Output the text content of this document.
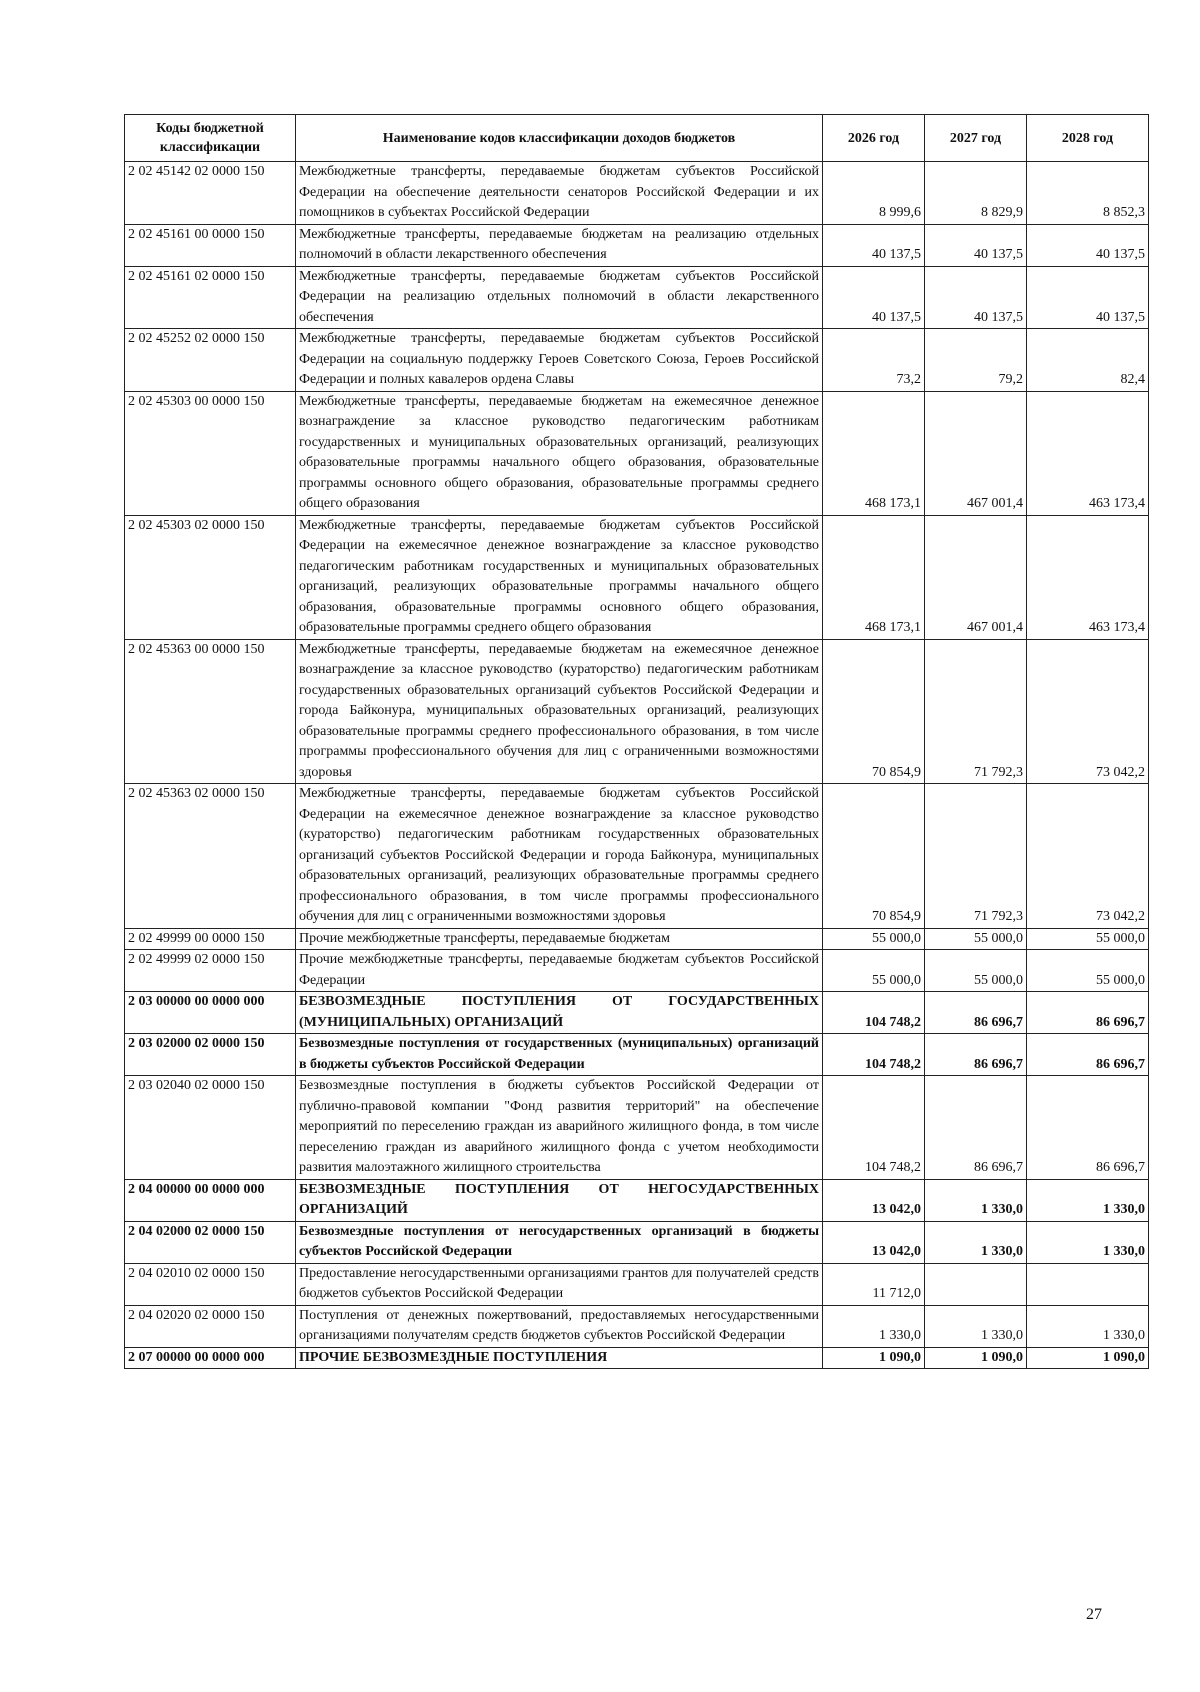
Коды бюджетной классификации	Наименование кодов классификации доходов бюджетов	2026 год	2027 год	2028 год
2 02 45142 02 0000 150	Межбюджетные трансферты, передаваемые бюджетам субъектов Российской Федерации на обеспечение деятельности сенаторов Российской Федерации и их помощников в субъектах Российской Федерации	8 999,6	8 829,9	8 852,3
2 02 45161 00 0000 150	Межбюджетные трансферты, передаваемые бюджетам на реализацию отдельных полномочий в области лекарственного обеспечения	40 137,5	40 137,5	40 137,5
2 02 45161 02 0000 150	Межбюджетные трансферты, передаваемые бюджетам субъектов Российской Федерации на реализацию отдельных полномочий в области лекарственного обеспечения	40 137,5	40 137,5	40 137,5
2 02 45252 02 0000 150	Межбюджетные трансферты, передаваемые бюджетам субъектов Российской Федерации на социальную поддержку Героев Советского Союза, Героев Российской Федерации и полных кавалеров ордена Славы	73,2	79,2	82,4
2 02 45303 00 0000 150	Межбюджетные трансферты, передаваемые бюджетам на ежемесячное денежное вознаграждение за классное руководство педагогическим работникам государственных и муниципальных образовательных организаций, реализующих образовательные программы начального общего образования, образовательные программы основного общего образования, образовательные программы среднего общего образования	468 173,1	467 001,4	463 173,4
2 02 45303 02 0000 150	Межбюджетные трансферты, передаваемые бюджетам субъектов Российской Федерации на ежемесячное денежное вознаграждение за классное руководство педагогическим работникам государственных и муниципальных образовательных организаций, реализующих образовательные программы начального общего образования, образовательные программы основного общего образования, образовательные программы среднего общего образования	468 173,1	467 001,4	463 173,4
2 02 45363 00 0000 150	Межбюджетные трансферты, передаваемые бюджетам на ежемесячное денежное вознаграждение за классное руководство (кураторство) педагогическим работникам государственных образовательных организаций субъектов Российской Федерации и города Байконура, муниципальных образовательных организаций, реализующих образовательные программы среднего профессионального образования, в том числе программы профессионального обучения для лиц с ограниченными возможностями здоровья	70 854,9	71 792,3	73 042,2
2 02 45363 02 0000 150	Межбюджетные трансферты, передаваемые бюджетам субъектов Российской Федерации на ежемесячное денежное вознаграждение за классное руководство (кураторство) педагогическим работникам государственных образовательных организаций субъектов Российской Федерации и города Байконура, муниципальных образовательных организаций, реализующих образовательные программы среднего профессионального образования, в том числе программы профессионального обучения для лиц с ограниченными возможностями здоровья	70 854,9	71 792,3	73 042,2
2 02 49999 00 0000 150	Прочие межбюджетные трансферты, передаваемые бюджетам	55 000,0	55 000,0	55 000,0
2 02 49999 02 0000 150	Прочие межбюджетные трансферты, передаваемые бюджетам субъектов Российской Федерации	55 000,0	55 000,0	55 000,0
2 03 00000 00 0000 000	БЕЗВОЗМЕЗДНЫЕ ПОСТУПЛЕНИЯ ОТ ГОСУДАРСТВЕННЫХ (МУНИЦИПАЛЬНЫХ) ОРГАНИЗАЦИЙ	104 748,2	86 696,7	86 696,7
2 03 02000 02 0000 150	Безвозмездные поступления от государственных (муниципальных) организаций в бюджеты субъектов Российской Федерации	104 748,2	86 696,7	86 696,7
2 03 02040 02 0000 150	Безвозмездные поступления в бюджеты субъектов Российской Федерации от публично-правовой компании "Фонд развития территорий" на обеспечение мероприятий по переселению граждан из аварийного жилищного фонда, в том числе переселению граждан из аварийного жилищного фонда с учетом необходимости развития малоэтажного жилищного строительства	104 748,2	86 696,7	86 696,7
2 04 00000 00 0000 000	БЕЗВОЗМЕЗДНЫЕ ПОСТУПЛЕНИЯ ОТ НЕГОСУДАРСТВЕННЫХ ОРГАНИЗАЦИЙ	13 042,0	1 330,0	1 330,0
2 04 02000 02 0000 150	Безвозмездные поступления от негосударственных организаций в бюджеты субъектов Российской Федерации	13 042,0	1 330,0	1 330,0
2 04 02010 02 0000 150	Предоставление негосударственными организациями грантов для получателей средств бюджетов субъектов Российской Федерации	11 712,0		
2 04 02020 02 0000 150	Поступления от денежных пожертвований, предоставляемых негосударственными организациями получателям средств бюджетов субъектов Российской Федерации	1 330,0	1 330,0	1 330,0
2 07 00000 00 0000 000	ПРОЧИЕ БЕЗВОЗМЕЗДНЫЕ ПОСТУПЛЕНИЯ	1 090,0	1 090,0	1 090,0
27
